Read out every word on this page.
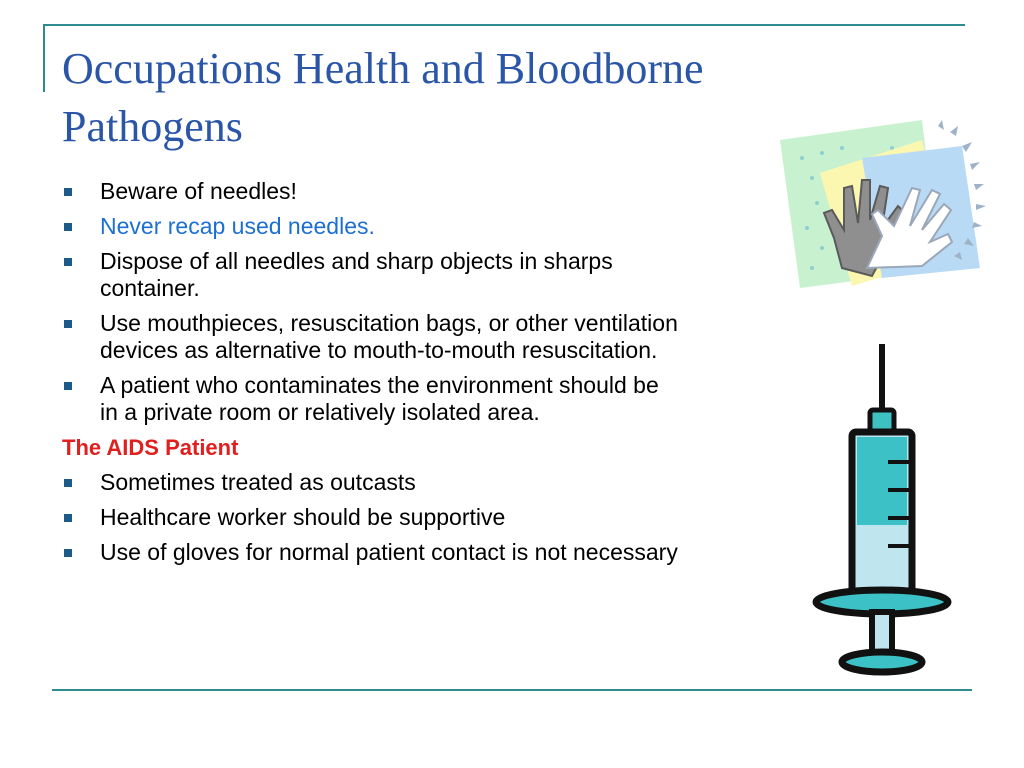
Occupations Health and Bloodborne Pathogens
Beware of needles!
Never recap used needles.
Dispose of all needles and sharp objects in sharps container.
Use mouthpieces, resuscitation bags, or other ventilation devices as alternative to mouth-to-mouth resuscitation.
A patient who contaminates the environment should be in a private room or relatively isolated area.
The AIDS Patient
Sometimes treated as outcasts
Healthcare worker should be supportive
Use of gloves for normal patient contact is not necessary
